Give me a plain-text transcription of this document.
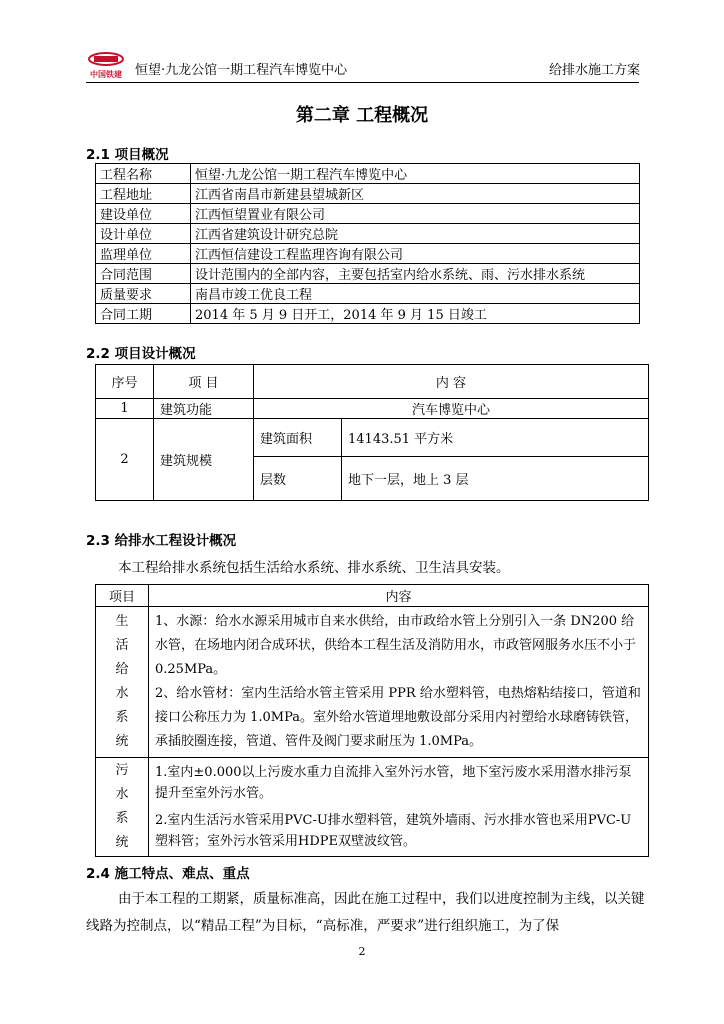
中国铁建 恒望·九龙公馆一期工程汽车博览中心	给排水施工方案
第二章 工程概况
2.1 项目概况
工程名称	恒望·九龙公馆一期工程汽车博览中心
工程地址	江西省南昌市新建县望城新区
建设单位	江西恒望置业有限公司
设计单位	江西省建筑设计研究总院
监理单位	江西恒信建设工程监理咨询有限公司
合同范围	设计范围内的全部内容，主要包括室内给水系统、雨、污水排水系统
质量要求	南昌市竣工优良工程
合同工期	2014 年 5 月 9 日开工，2014 年 9 月 15 日竣工
2.2 项目设计概况
序号	项 目	内 容	
1	建筑功能	汽车博览中心	
2	建筑规模	建筑面积	14143.51 平方米
		层数	地下一层，地上 3 层
2.3 给排水工程设计概况

本工程给排水系统包括生活给水系统、排水系统、卫生洁具安装。

项目	内容
生 活 给 水 系统	1、水源：给水水源采用城市自来水供给，由市政给水管上分别引入一条 DN200 给水管，在场地内闭合成环状，供给本工程生活及消防用水，市政管网服务水压不小于 0.25MPa。
2、给水管材：室内生活给水管主管采用 PPR 给水塑料管，电热熔粘结接口，管道和接口公称压力为 1.0MPa。室外给水管道埋地敷设部分采用内衬塑给水球磨铸铁管，承插胶圈连接，管道、管件及阀门要求耐压为 1.0MPa。

污 水 系 统	1.室内±0.000以上污废水重力自流排入室外污水管，地下室污废水采用潜水排污泵提升至室外污水管。
2.室内生活污水管采用PVC-U排水塑料管，建筑外墙雨、污水排水管也采用PVC-U塑料管；室外污水管采用HDPE双壁波纹管。
2.4 施工特点、难点、重点

由于本工程的工期紧，质量标准高，因此在施工过程中，我们以进度控制为主线，以关键线路为控制点，以“精品工程”为目标，“高标准，严要求”进行组织施工，为了保

2
